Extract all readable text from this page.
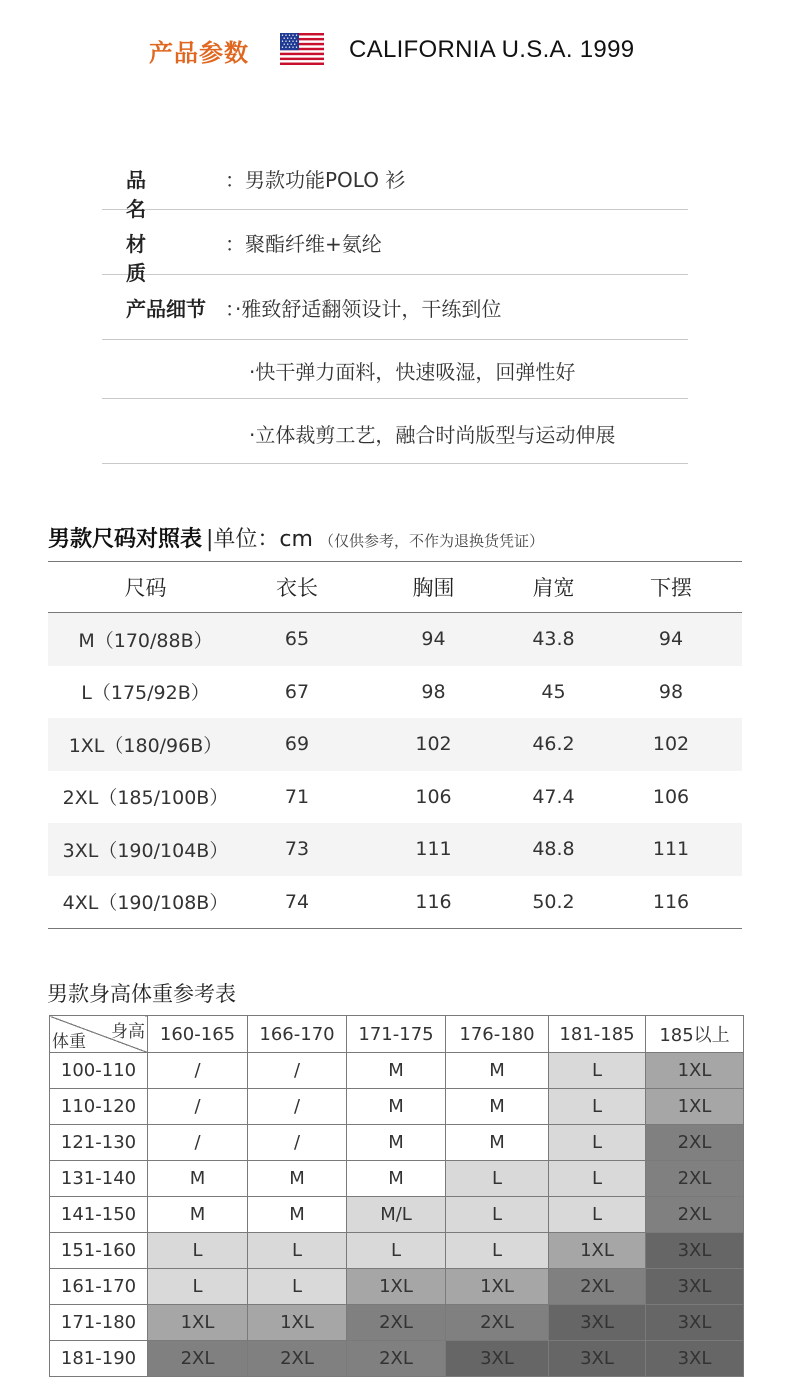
产品参数	CALIFORNIA U.S.A. 1999
品名
：男款功能POLO 衫
材质
：聚酯纤维+氨纶
产品细节 ：·雅致舒适翻领设计，干练到位
·快干弹力面料，快速吸湿，回弹性好
·立体裁剪工艺，融合时尚版型与运动伸展
男款尺码对照表 |单位：cm （仅供参考，不作为退换货凭证）
尺码	衣长	胸围	肩宽	下摆
M（170/88B）	65	94	43.8	94
L（175/92B）	67	98	45	98
1XL（180/96B）	69	102	46.2	102
2XL（185/100B）	71	106	47.4	106
3XL（190/104B）	73	111	48.8	111
4XL（190/108B）	74	116	50.2	116
男款身高体重参考表
身高
体重	160-165	166-170	171-175	176-180	181-185	185以上
100-110	/	/	M	M	L	1XL
110-120	/	/	M	M	L	1XL
121-130	/	/	M	M	L	2XL
131-140	M	M	M	L	L	2XL
141-150	M	M	M/L	L	L	2XL
151-160	L	L	L	L	1XL	3XL
161-170	L	L	1XL	1XL	2XL	3XL
171-180	1XL	1XL	2XL	2XL	3XL	3XL
181-190	2XL	2XL	2XL	3XL	3XL	3XL
